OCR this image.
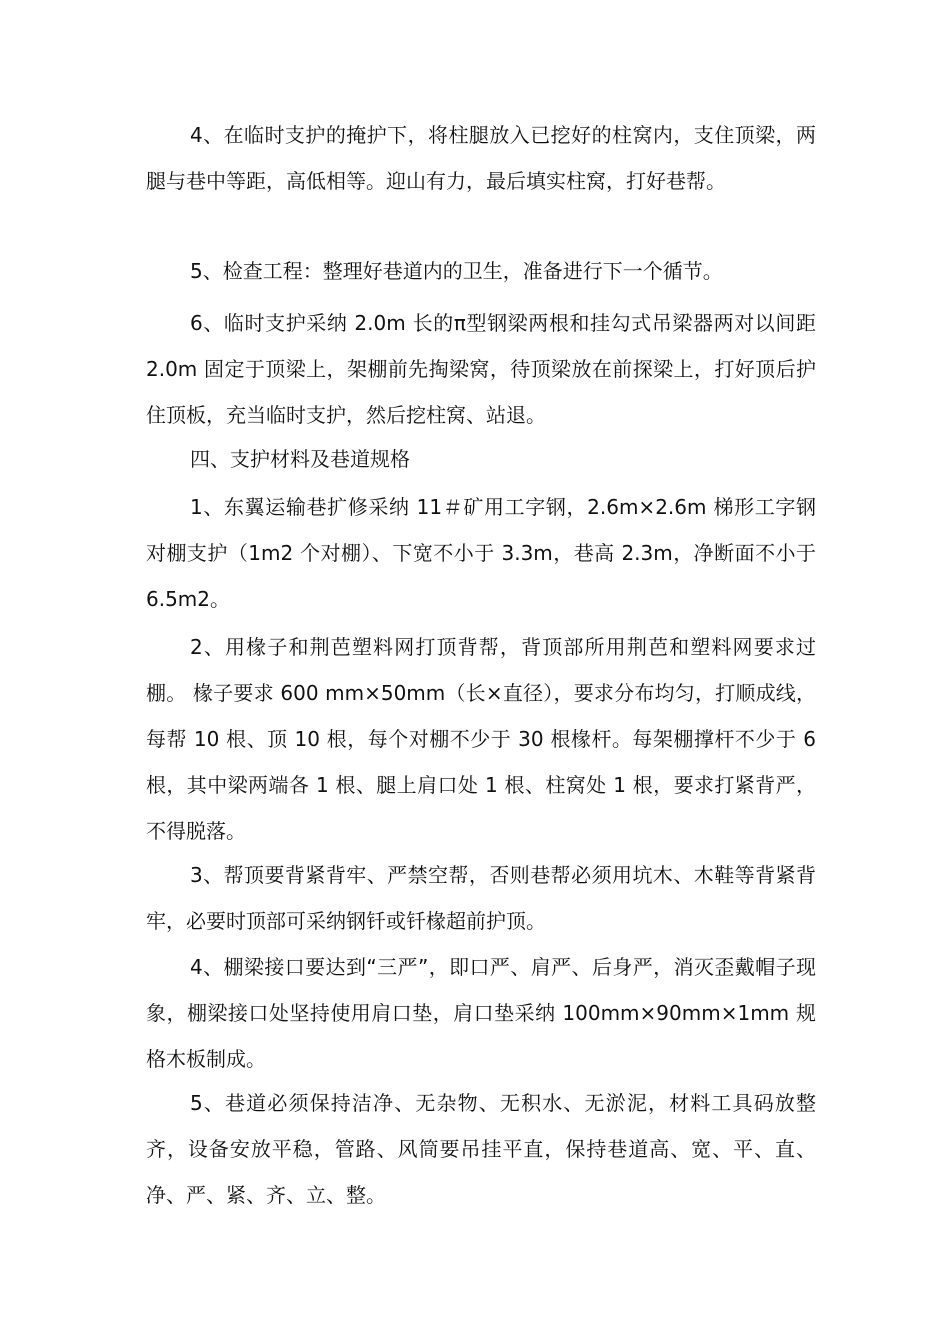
4、在临时支护的掩护下，将柱腿放入已挖好的柱窝内，支住顶梁，两腿与巷中等距，高低相等。迎山有力，最后填实柱窝，打好巷帮。

5、检查工程：整理好巷道内的卫生，准备进行下一个循节。

6、临时支护采纳 2.0m 长的π型钢梁两根和挂勾式吊梁器两对以间距 2.0m 固定于顶梁上，架棚前先掏梁窝，待顶梁放在前探梁上，打好顶后护住顶板，充当临时支护，然后挖柱窝、站退。

四、支护材料及巷道规格

1、东翼运输巷扩修采纳 11＃矿用工字钢，2.6m×2.6m 梯形工字钢对棚支护（1m2 个对棚）、下宽不小于 3.3m，巷高 2.3m，净断面不小于 6.5m2。

2、用椽子和荆芭塑料网打顶背帮，背顶部所用荆芭和塑料网要求过棚。 椽子要求 600 mm×50mm（长×直径），要求分布均匀，打顺成线，每帮 10 根、顶 10 根，每个对棚不少于 30 根椽杆。每架棚撑杆不少于 6 根，其中梁两端各 1 根、腿上肩口处 1 根、柱窝处 1 根，要求打紧背严，不得脱落。

3、帮顶要背紧背牢、严禁空帮，否则巷帮必须用坑木、木鞋等背紧背牢，必要时顶部可采纳钢钎或钎椽超前护顶。

4、棚梁接口要达到“三严”，即口严、肩严、后身严，消灭歪戴帽子现象，棚梁接口处坚持使用肩口垫，肩口垫采纳 100mm×90mm×1mm 规格木板制成。

5、巷道必须保持洁净、无杂物、无积水、无淤泥，材料工具码放整齐，设备安放平稳，管路、风筒要吊挂平直，保持巷道高、宽、平、直、净、严、紧、齐、立、整。
